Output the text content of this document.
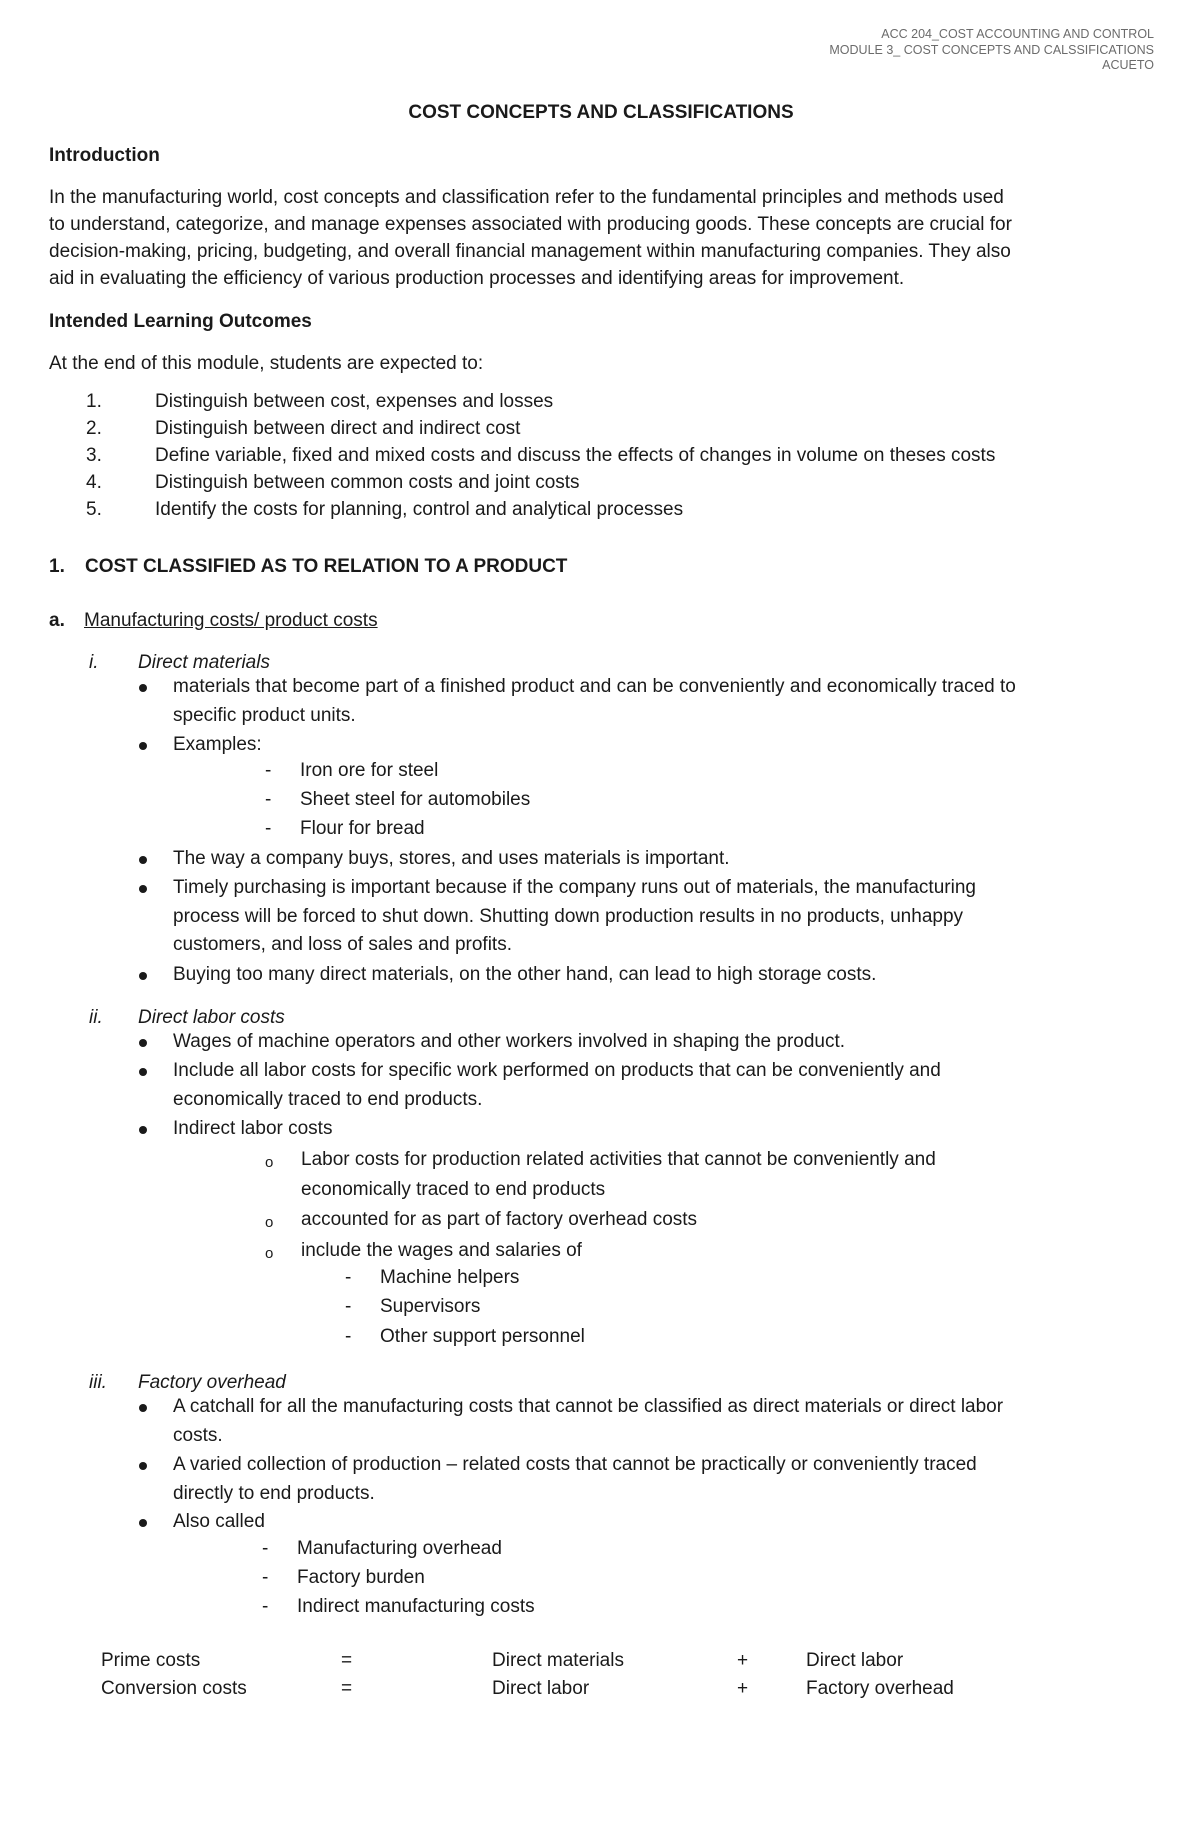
ACC 204_COST ACCOUNTING AND CONTROL
MODULE 3_ COST CONCEPTS AND CALSSIFICATIONS
ACUETO
COST CONCEPTS AND CLASSIFICATIONS
Introduction
In the manufacturing world, cost concepts and classification refer to the fundamental principles and methods used
to understand, categorize, and manage expenses associated with producing goods. These concepts are crucial for
decision-making, pricing, budgeting, and overall financial management within manufacturing companies. They also
aid in evaluating the efficiency of various production processes and identifying areas for improvement.
Intended Learning Outcomes
At the end of this module, students are expected to:
1.	Distinguish between cost, expenses and losses
2.	Distinguish between direct and indirect cost
3.	Define variable, fixed and mixed costs and discuss the effects of changes in volume on theses costs
4.	Distinguish between common costs and joint costs
5.	Identify the costs for planning, control and analytical processes
1. COST CLASSIFIED AS TO RELATION TO A PRODUCT
a. Manufacturing costs/ product costs
i. Direct materials
materials that become part of a finished product and can be conveniently and economically traced to
specific product units.
Examples:
- Iron ore for steel
- Sheet steel for automobiles
- Flour for bread
The way a company buys, stores, and uses materials is important.
Timely purchasing is important because if the company runs out of materials, the manufacturing
process will be forced to shut down. Shutting down production results in no products, unhappy
customers, and loss of sales and profits.
Buying too many direct materials, on the other hand, can lead to high storage costs.
ii. Direct labor costs
Wages of machine operators and other workers involved in shaping the product.
Include all labor costs for specific work performed on products that can be conveniently and
economically traced to end products.
Indirect labor costs
o Labor costs for production related activities that cannot be conveniently and
economically traced to end products
o accounted for as part of factory overhead costs
o include the wages and salaries of
- Machine helpers
- Supervisors
- Other support personnel
iii. Factory overhead
A catchall for all the manufacturing costs that cannot be classified as direct materials or direct labor
costs.
A varied collection of production – related costs that cannot be practically or conveniently traced
directly to end products.
Also called
- Manufacturing overhead
- Factory burden
- Indirect manufacturing costs
Prime costs	=	Direct materials	+	Direct labor
Conversion costs	=	Direct labor	+	Factory overhead
